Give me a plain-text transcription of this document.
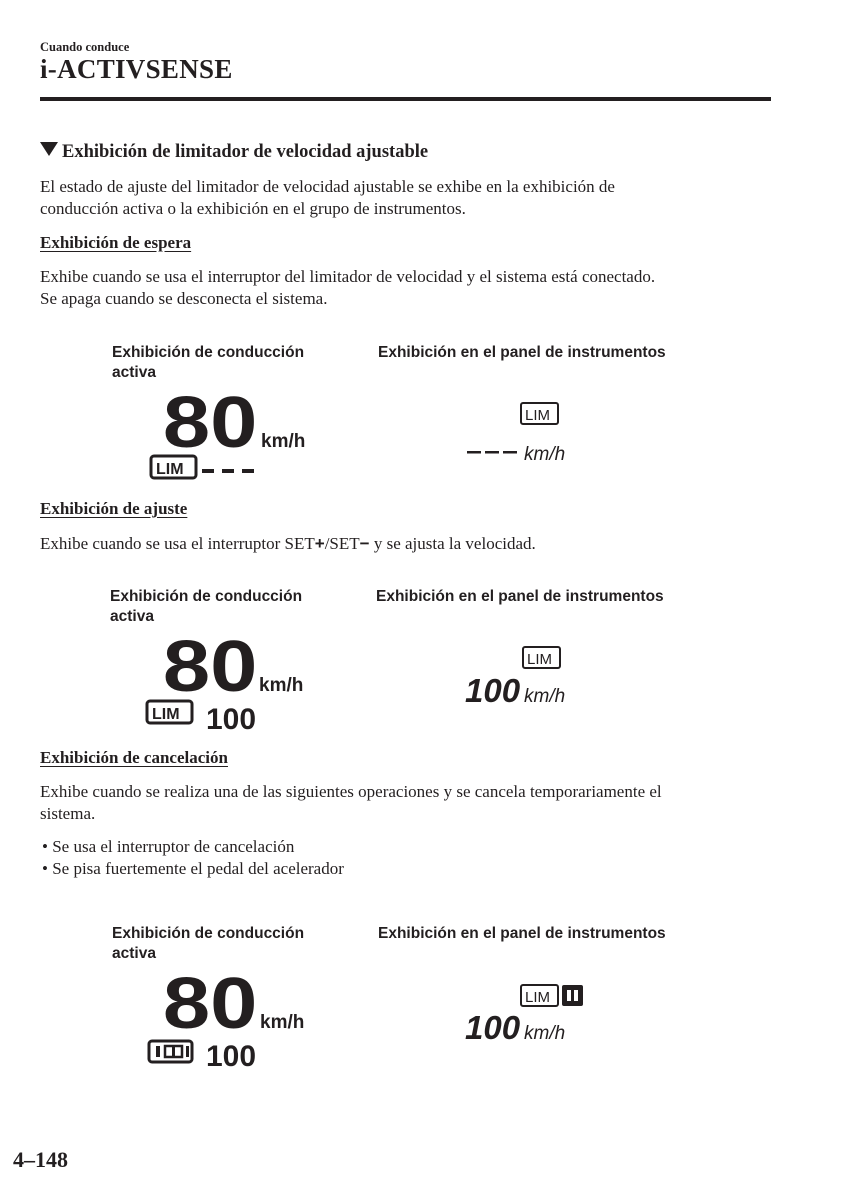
Cuando conduce
i-ACTIVSENSE
Exhibición de limitador de velocidad ajustable
El estado de ajuste del limitador de velocidad ajustable se exhibe en la exhibición de
conducción activa o la exhibición en el grupo de instrumentos.
Exhibición de espera
Exhibe cuando se usa el interruptor del limitador de velocidad y el sistema está conectado.
Se apaga cuando se desconecta el sistema.
Exhibición de conducción
activa
Exhibición en el panel de instrumentos
80 km/h
LIM
LIM
km/h
Exhibición de ajuste
Exhibe cuando se usa el interruptor SET+/SET− y se ajusta la velocidad.
Exhibición de conducción
activa
Exhibición en el panel de instrumentos
80 km/h
LIM 100
LIM
100 km/h
Exhibición de cancelación
Exhibe cuando se realiza una de las siguientes operaciones y se cancela temporariamente el
sistema.
• Se usa el interruptor de cancelación
• Se pisa fuertemente el pedal del acelerador
Exhibición de conducción
activa
Exhibición en el panel de instrumentos
80 km/h
100
LIM
100 km/h
4–148
